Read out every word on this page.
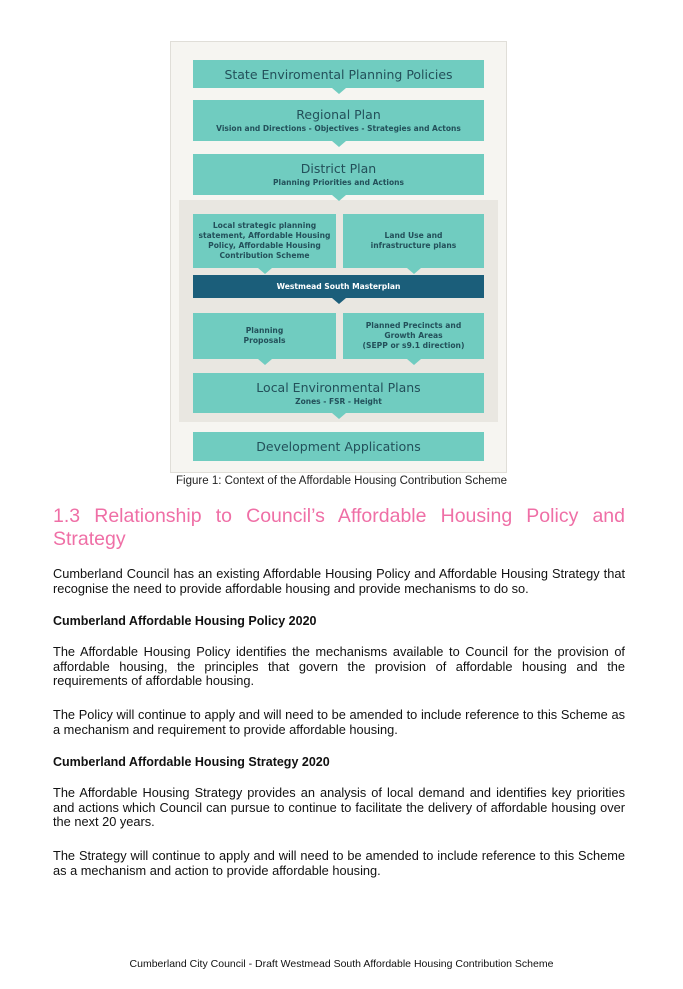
State Enviromental Planning Policies
Regional Plan
Vision and Directions - Objectives - Strategies and Actons
District Plan
Planning Priorities and Actions
Local strategic planning
statement, Affordable Housing
Policy, Affordable Housing
Contribution Scheme
Land Use and
infrastructure plans
Westmead South Masterplan
Planning
Proposals
Planned Precincts and
Growth Areas
(SEPP or s9.1 direction)
Local Environmental Plans
Zones - FSR - Height
Development Applications
Figure 1: Context of the Affordable Housing Contribution Scheme
1.3 Relationship to Council’s Affordable Housing Policy and Strategy
Cumberland Council has an existing Affordable Housing Policy and Affordable Housing Strategy that recognise the need to provide affordable housing and provide mechanisms to do so.
Cumberland Affordable Housing Policy 2020
The Affordable Housing Policy identifies the mechanisms available to Council for the provision of affordable housing, the principles that govern the provision of affordable housing and the requirements of affordable housing.
The Policy will continue to apply and will need to be amended to include reference to this Scheme as a mechanism and requirement to provide affordable housing.
Cumberland Affordable Housing Strategy 2020
The Affordable Housing Strategy provides an analysis of local demand and identifies key priorities and actions which Council can pursue to continue to facilitate the delivery of affordable housing over the next 20 years.
The Strategy will continue to apply and will need to be amended to include reference to this Scheme as a mechanism and action to provide affordable housing.
Cumberland City Council - Draft Westmead South Affordable Housing Contribution Scheme
